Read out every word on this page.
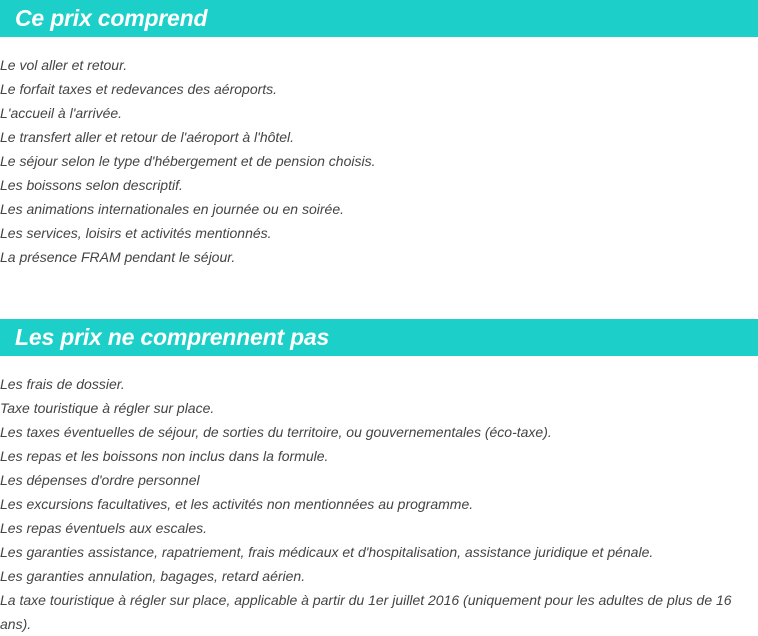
Ce prix comprend
Le vol aller et retour.
Le forfait taxes et redevances des aéroports.
L'accueil à l'arrivée.
Le transfert aller et retour de l'aéroport à l'hôtel.
Le séjour selon le type d'hébergement et de pension choisis.
Les boissons selon descriptif.
Les animations internationales en journée ou en soirée.
Les services, loisirs et activités mentionnés.
La présence FRAM pendant le séjour.
Les prix ne comprennent pas
Les frais de dossier.
Taxe touristique à régler sur place.
Les taxes éventuelles de séjour, de sorties du territoire, ou gouvernementales (éco-taxe).
Les repas et les boissons non inclus dans la formule.
Les dépenses d'ordre personnel
Les excursions facultatives, et les activités non mentionnées au programme.
Les repas éventuels aux escales.
Les garanties assistance, rapatriement, frais médicaux et d'hospitalisation, assistance juridique et pénale.
Les garanties annulation, bagages, retard aérien.
La taxe touristique à régler sur place, applicable à partir du 1er juillet 2016 (uniquement pour les adultes de plus de 16 ans).
